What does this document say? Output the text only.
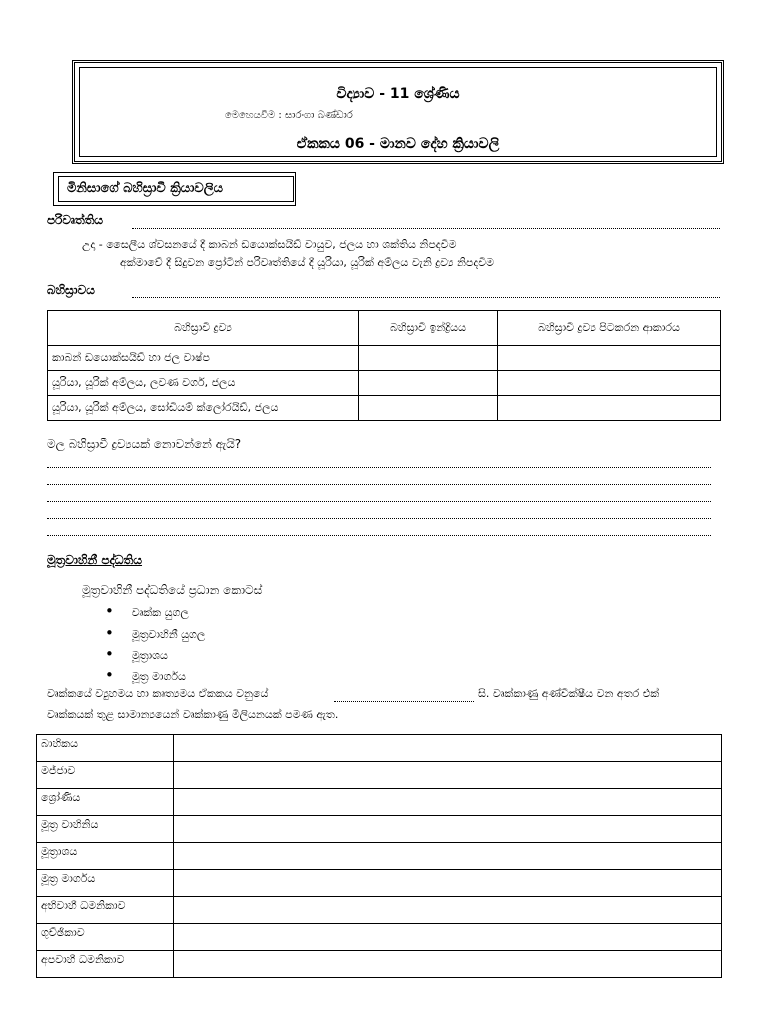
විද්‍යාව - 11 ශ්‍රේණිය
මෙහෙයවීම : සාරංගා බණ්ඩාර
ඒකකය 06 - මානව දේහ ක්‍රියාවලි
මිනිසාගේ බහිස්‍රාවී ක්‍රියාවලිය
පරිවෘත්තිය
උදා - සෛලීය ශ්වසනයේ දී කාබන් ඩයොක්සයිඩ් වායුව, ජලය හා ශක්තිය නිපදවීම
අක්මාවේ දී සිදුවන ප්‍රෝටීන් පරිවෘත්තියේ දී යූරියා, යූරික් අම්ලය වැනි ද්‍රව්‍ය නිපදවීම
බහිස්‍රාවය
බහිස්‍රාවී ද්‍රව්‍ය	බහිස්‍රාවී ඉන්ද්‍රියය	බහිස්‍රාවී ද්‍රව්‍ය පිටකරන ආකාරය
කාබන් ඩයොක්සයිඩ් හා ජල වාෂ්ප		
යූරියා, යූරික් අම්ලය, ලවණ වර්ග, ජලය		
යූරියා, යූරික් අම්ලය, සෝඩියම් ක්ලෝරයිඩ්, ජලය		
මල බහිස්‍රාවී ද්‍රව්‍යයක් නොවන්නේ ඇයි?
මූත්‍රවාහිනී පද්ධතිය
මූත්‍රවාහිනී පද්ධතියේ ප්‍රධාන කොටස්
• වෘක්ක යුගල
• මූත්‍රවාහිනී යුගල
• මූත්‍රාශය
• මූත්‍ර මාර්ගය
වෘක්කයේ ව්‍යුහමය හා කෘත්‍යමය ඒකකය වනුයේ	සි. වෘක්කාණු අණ්වීක්ෂීය වන අතර එක්
වෘක්කයක් තුළ සාමාන්‍යයෙන් වෘක්කාණු මිලියනයක් පමණ ඇත.
බාහිකය	
මජ්ජාව	
ශ්‍රෝණිය	
මූත්‍ර වාහිනිය	
මූත්‍රාශය	
මූත්‍ර මාර්ගය	
අභිවාහී ධමනිකාව	
ගුච්ඡිකාව	
අපවාහී ධමනිකාව	
